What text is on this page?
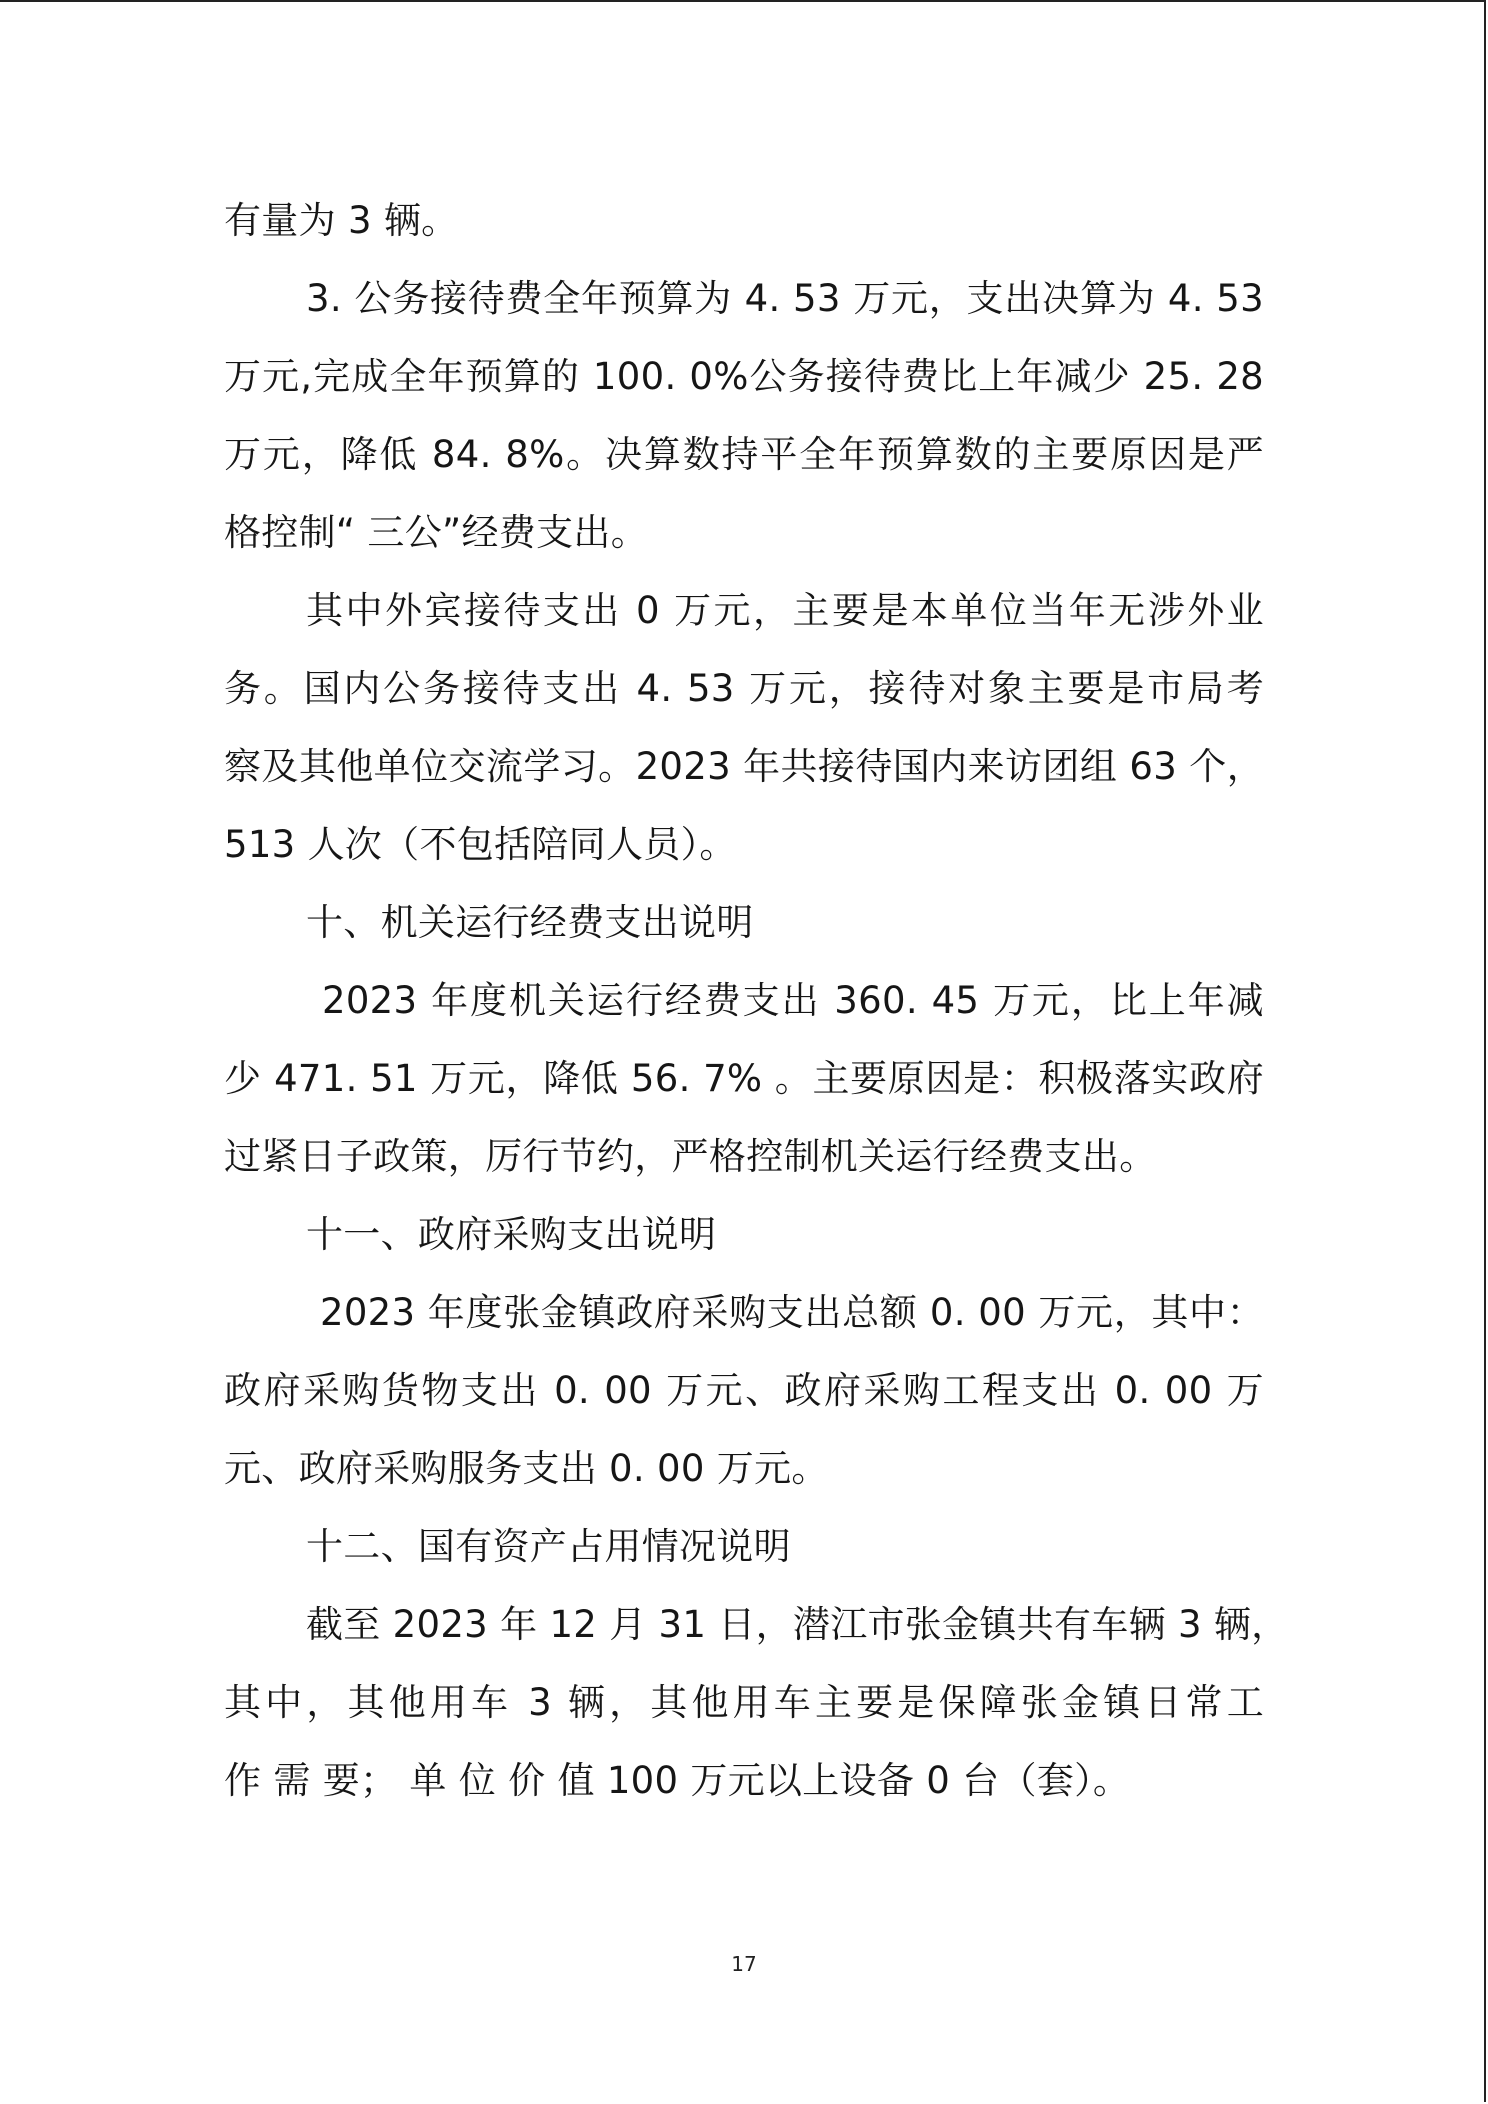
有量为 3 辆。
3. 公务接待费全年预算为 4. 53 万元，支出决算为 4. 53
万元,完成全年预算的 100. 0%公务接待费比上年减少 25. 28
万元，降低 84. 8%。决算数持平全年预算数的主要原因是严
格控制“ 三公”经费支出。
其中外宾接待支出 0 万元，主要是本单位当年无涉外业
务。国内公务接待支出 4. 53 万元，接待对象主要是市局考
察及其他单位交流学习。2023 年共接待国内来访团组 63 个，
513 人次（不包括陪同人员）。
十、机关运行经费支出说明
2023 年度机关运行经费支出 360. 45 万元，比上年减
少 471. 51 万元，降低 56. 7% 。主要原因是：积极落实政府
过紧日子政策，厉行节约，严格控制机关运行经费支出。
十一、政府采购支出说明
2023 年度张金镇政府采购支出总额 0. 00 万元，其中：
政府采购货物支出 0. 00 万元、政府采购工程支出 0. 00 万
元、政府采购服务支出 0. 00 万元。
十二、国有资产占用情况说明
截至 2023 年 12 月 31 日，潜江市张金镇共有车辆 3 辆，
其中，其他用车 3 辆，其他用车主要是保障张金镇日常工
作 需 要； 单 位 价 值 100 万元以上设备 0 台（套）。
17
